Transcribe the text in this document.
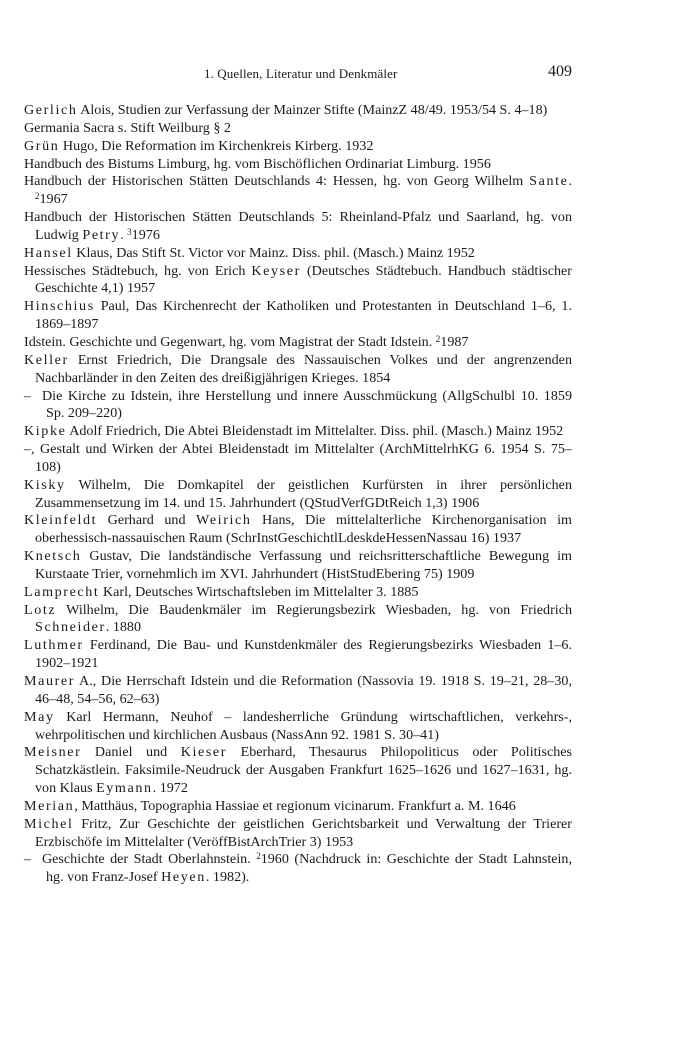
1. Quellen, Literatur und Denkmäler	409
Gerlich Alois, Studien zur Verfassung der Mainzer Stifte (MainzZ 48/49. 1953/54 S. 4–18)
Germania Sacra s. Stift Weilburg § 2
Grün Hugo, Die Reformation im Kirchenkreis Kirberg. 1932
Handbuch des Bistums Limburg, hg. vom Bischöflichen Ordinariat Limburg. 1956
Handbuch der Historischen Stätten Deutschlands 4: Hessen, hg. von Georg Wilhelm Sante. $^2$1967
Handbuch der Historischen Stätten Deutschlands 5: Rheinland-Pfalz und Saarland, hg. von Ludwig Petry. $^3$1976
Hansel Klaus, Das Stift St. Victor vor Mainz. Diss. phil. (Masch.) Mainz 1952
Hessisches Städtebuch, hg. von Erich Keyser (Deutsches Städtebuch. Handbuch städtischer Geschichte 4,1) 1957
Hinschius Paul, Das Kirchenrecht der Katholiken und Protestanten in Deutschland 1–6, 1. 1869–1897
Idstein. Geschichte und Gegenwart, hg. vom Magistrat der Stadt Idstein. $^2$1987
Keller Ernst Friedrich, Die Drangsale des Nassauischen Volkes und der angrenzenden Nachbarländer in den Zeiten des dreißigjährigen Krieges. 1854
– Die Kirche zu Idstein, ihre Herstellung und innere Ausschmückung (AllgSchulbl 10. 1859 Sp. 209–220)
Kipke Adolf Friedrich, Die Abtei Bleidenstadt im Mittelalter. Diss. phil. (Masch.) Mainz 1952
–, Gestalt und Wirken der Abtei Bleidenstadt im Mittelalter (ArchMittelrhKG 6. 1954 S. 75–108)
Kisky Wilhelm, Die Domkapitel der geistlichen Kurfürsten in ihrer persönlichen Zusammensetzung im 14. und 15. Jahrhundert (QStudVerfGDtReich 1,3) 1906
Kleinfeldt Gerhard und Weirich Hans, Die mittelalterliche Kirchenorganisation im oberhessisch-nassauischen Raum (SchrInstGeschichtlLdeskdeHessenNassau 16) 1937
Knetsch Gustav, Die landständische Verfassung und reichsritterschaftliche Bewegung im Kurstaate Trier, vornehmlich im XVI. Jahrhundert (HistStudEbering 75) 1909
Lamprecht Karl, Deutsches Wirtschaftsleben im Mittelalter 3. 1885
Lotz Wilhelm, Die Baudenkmäler im Regierungsbezirk Wiesbaden, hg. von Friedrich Schneider. 1880
Luthmer Ferdinand, Die Bau- und Kunstdenkmäler des Regierungsbezirks Wiesbaden 1–6. 1902–1921
Maurer A., Die Herrschaft Idstein und die Reformation (Nassovia 19. 1918 S. 19–21, 28–30, 46–48, 54–56, 62–63)
May Karl Hermann, Neuhof – landesherrliche Gründung wirtschaftlichen, verkehrs-, wehrpolitischen und kirchlichen Ausbaus (NassAnn 92. 1981 S. 30–41)
Meisner Daniel und Kieser Eberhard, Thesaurus Philopoliticus oder Politisches Schatzkästlein. Faksimile-Neudruck der Ausgaben Frankfurt 1625–1626 und 1627–1631, hg. von Klaus Eymann. 1972
Merian, Matthäus, Topographia Hassiae et regionum vicinarum. Frankfurt a. M. 1646
Michel Fritz, Zur Geschichte der geistlichen Gerichtsbarkeit und Verwaltung der Trierer Erzbischöfe im Mittelalter (VeröffBistArchTrier 3) 1953
– Geschichte der Stadt Oberlahnstein. $^2$1960 (Nachdruck in: Geschichte der Stadt Lahnstein, hg. von Franz-Josef Heyen. 1982).
